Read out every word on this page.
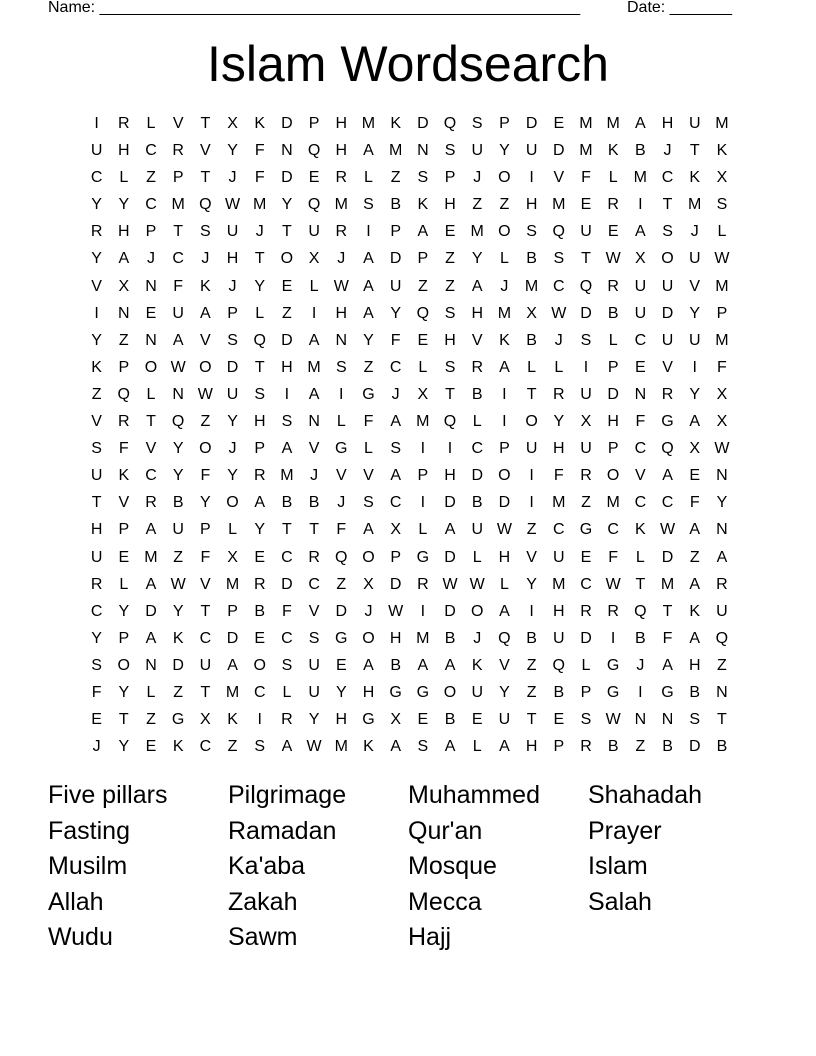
Name: ______________________________________________________	Date: _______
Islam Wordsearch
I	R	L	V	T	X	K	D	P	H M K	D Q S	P	D	E M M A	H U M
U H C R	V	Y	F	N Q H	A M N	S	U	Y	U D M K	B	J	T	K
C	L	Z	P	T	J	F	D	E	R	L	Z	S	P	J	O	I	V	F	L	M C	K	X
Y	Y	C M Q W M Y Q M S	B	K	H	Z	Z	H M E	R	I	T M S
R H	P	T	S	U	J	T	U R	I	P	A	E M O S Q U	E	A	S	J	L
Y	A	J	C	J	H	T	O X	J	A	D	P	Z	Y	L	B	S	T W X O U W
V	X	N	F	K	J	Y	E	L W A	U	Z	Z	A	J	M C Q R U U	V M
I	N	E	U	A	P	L	Z	I	H	A	Y Q S	H M X W D	B	U D	Y	P
Y	Z	N	A	V	S Q D	A	N	Y	F	E	H	V	K	B	J	S	L	C U U M
K	P O W O D	T	H M S	Z	C	L	S	R	A	L	L	I	P	E	V	I	F
Z	Q	L	N W U	S	I	A	I	G	J	X	T	B	I	T	R U D N R	Y	X
V	R	T	Q	Z	Y	H	S	N	L	F	A M Q	L	I	O Y	X	H	F	G A	X
S	F	V	Y O	J	P	A	V G	L	S	I	I	C	P	U H U	P	C Q X W
U	K	C	Y	F	Y	R M	J	V	V	A	P	H D O	I	F	R O V	A	E	N
T	V	R	B	Y O A	B	B	J	S	C	I	D	B	D	I	M Z M C C	F	Y
H	P	A	U	P	L	Y	T	T	F	A	X	L	A	U W Z	C G C	K W A	N
U	E M Z	F	X	E	C R Q O P G D	L	H	V	U	E	F	L	D	Z	A
R	L	A W V M R D C	Z	X	D R W W L	Y M C W T M A	R
C	Y	D	Y	T	P	B	F	V	D	J W	I	D O A	I	H R R Q	T	K	U
Y	P	A	K	C D	E	C	S G O H M B	J	Q B	U D	I	B	F	A Q
S O N D U	A O S	U	E	A	B	A	A	K	V	Z	Q	L	G	J	A	H	Z
F	Y	L	Z	T M C	L	U	Y	H G G O U	Y	Z	B	P G	I	G B	N
E	T	Z	G X	K	I	R	Y	H G X	E	B	E	U	T	E	S W N N	S	T
J	Y	E	K	C	Z	S	A W M K	A	S	A	L	A	H	P	R	B	Z	B	D	B
Five pillars	Pilgrimage	Muhammed	Shahadah
Fasting	Ramadan	Qur'an	Prayer
Musilm	Ka'aba	Mosque	Islam
Allah	Zakah	Mecca	Salah
Wudu	Sawm	Hajj
